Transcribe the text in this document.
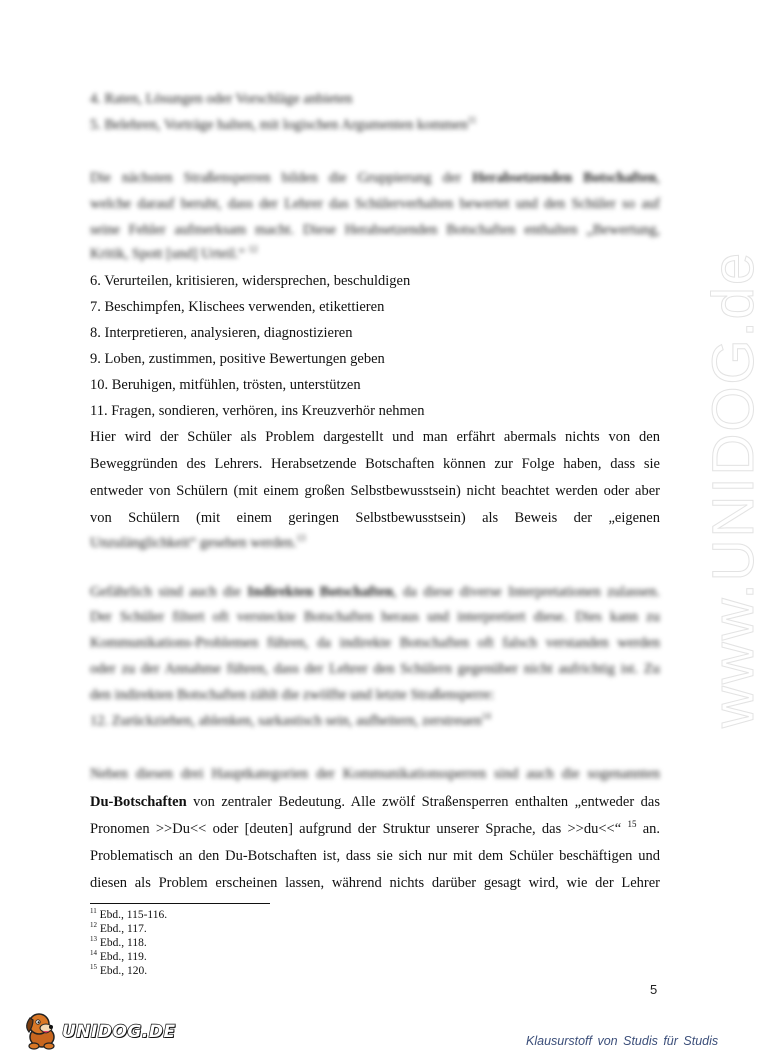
www.UNIDOG.de
4. Raten, Lösungen oder Vorschläge anbieten
5. Belehren, Vorträge halten, mit logischen Argumenten kommen$^{11}$
Die nächsten Straßensperren bilden die Gruppierung der Herabsetzenden Botschaften,
welche darauf beruht, dass der Lehrer das Schülerverhalten bewertet und den Schüler so auf
seine Fehler aufmerksam macht. Diese Herabsetzenden Botschaften enthalten „Bewertung,
Kritik, Spott [und] Urteil.“ $^{12}$
6. Verurteilen, kritisieren, widersprechen, beschuldigen
7. Beschimpfen, Klischees verwenden, etikettieren
8. Interpretieren, analysieren, diagnostizieren
9. Loben, zustimmen, positive Bewertungen geben
10. Beruhigen, mitfühlen, trösten, unterstützen
11. Fragen, sondieren, verhören, ins Kreuzverhör nehmen
Hier wird der Schüler als Problem dargestellt und man erfährt abermals nichts von den
Beweggründen des Lehrers. Herabsetzende Botschaften können zur Folge haben, dass sie
entweder von Schülern (mit einem großen Selbstbewusstsein) nicht beachtet werden oder aber
von Schülern (mit einem geringen Selbstbewusstsein) als Beweis der „eigenen
Unzulänglichkeit“ gesehen werden.$^{13}$
Gefährlich sind auch die Indirekten Botschaften, da diese diverse Interpretationen zulassen.
Der Schüler filtert oft versteckte Botschaften heraus und interpretiert diese. Dies kann zu
Kommunikations-Problemen führen, da indirekte Botschaften oft falsch verstanden werden
oder zu der Annahme führen, dass der Lehrer den Schülern gegenüber nicht aufrichtig ist. Zu
den indirekten Botschaften zählt die zwölfte und letzte Straßensperre:
12. Zurückziehen, ablenken, sarkastisch sein, aufheitern, zerstreuen$^{14}$
Neben diesen drei Hauptkategorien der Kommunikationssperren sind auch die sogenannten
Du-Botschaften von zentraler Bedeutung. Alle zwölf Straßensperren enthalten „entweder das
Pronomen >>Du<< oder [deuten] aufgrund der Struktur unserer Sprache, das >>du<<“ $^{15}$ an.
Problematisch an den Du-Botschaften ist, dass sie sich nur mit dem Schüler beschäftigen und
diesen als Problem erscheinen lassen, während nichts darüber gesagt wird, wie der Lehrer
$^{11}$ Ebd., 115-116.
$^{12}$ Ebd., 117.
$^{13}$ Ebd., 118.
$^{14}$ Ebd., 119.
$^{15}$ Ebd., 120.
5
UNIDOG.DE	Klausurstoff von Studis für Studis
